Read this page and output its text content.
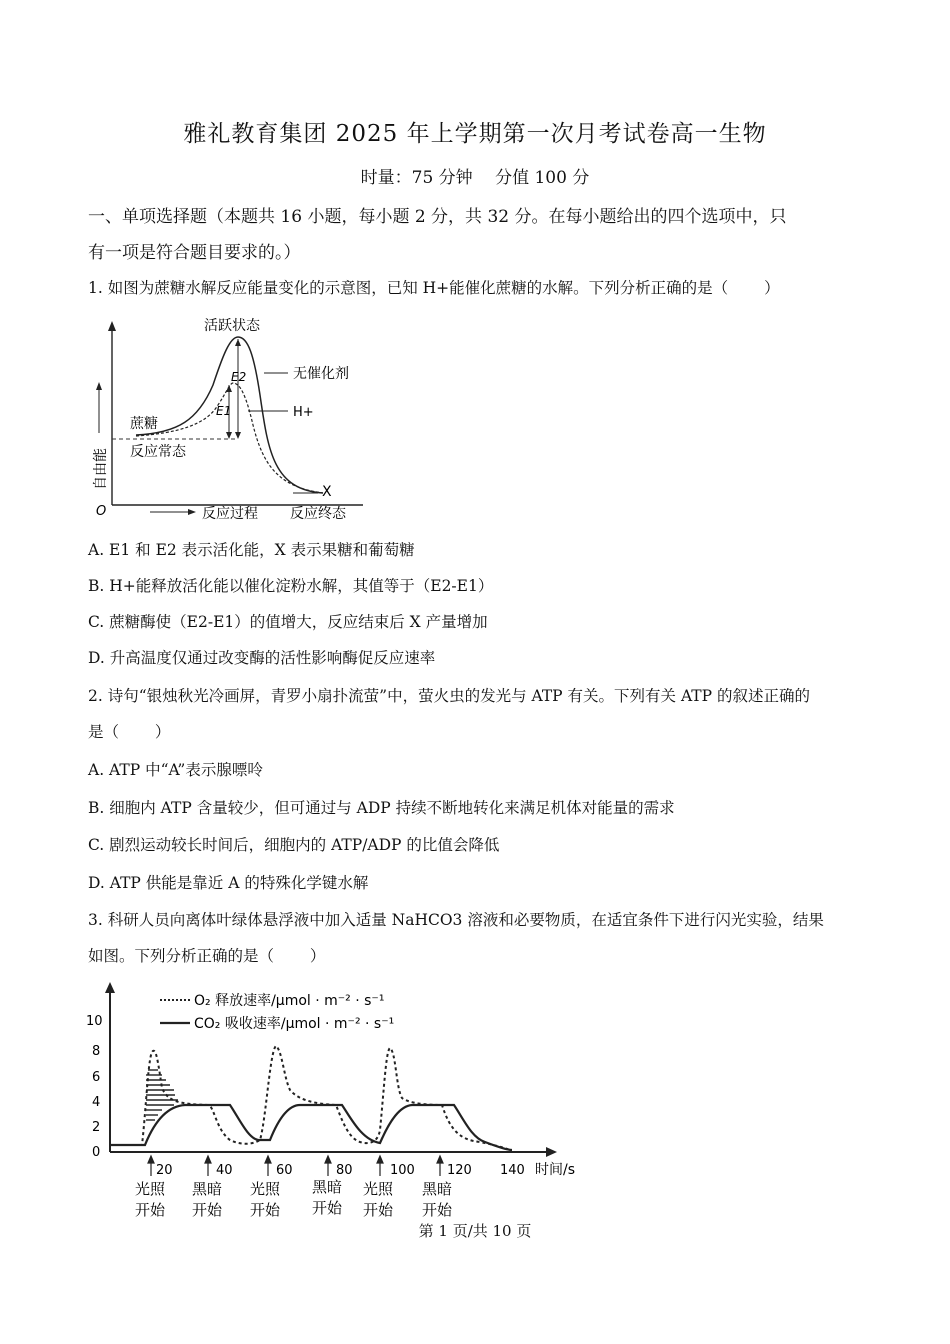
雅礼教育集团 2025 年上学期第一次月考试卷高一生物
时量：75 分钟　 分值 100 分
一、单项选择题（本题共 16 小题，每小题 2 分，共 32 分。在每小题给出的四个选项中，只
有一项是符合题目要求的。）
1. 如图为蔗糖水解反应能量变化的示意图，已知 H+能催化蔗糖的水解。下列分析正确的是（　　 ）
活跃状态
无催化剂
E2
E1	H+
蔗糖
反应常态
自由能
O	反应过程 反应终态
X
A. E1 和 E2 表示活化能，X 表示果糖和葡萄糖
B. H+能释放活化能以催化淀粉水解，其值等于（E2-E1）
C. 蔗糖酶使（E2-E1）的值增大，反应结束后 X 产量增加
D. 升高温度仅通过改变酶的活性影响酶促反应速率
2. 诗句“银烛秋光冷画屏，青罗小扇扑流萤”中，萤火虫的发光与 ATP 有关。下列有关 ATP 的叙述正确的
是（　　 ）
A. ATP 中“A”表示腺嘌呤
B. 细胞内 ATP 含量较少，但可通过与 ADP 持续不断地转化来满足机体对能量的需求
C. 剧烈运动较长时间后，细胞内的 ATP/ADP 的比值会降低
D. ATP 供能是靠近 A 的特殊化学键水解
3. 科研人员向离体叶绿体悬浮液中加入适量 NaHCO3 溶液和必要物质，在适宜条件下进行闪光实验，结果
如图。下列分析正确的是（　　 ）
0
2
4
6
8
10
O₂ 释放速率/μmol · m⁻² · s⁻¹
CO₂ 吸收速率/μmol · m⁻² · s⁻¹
20	40	60	80	100 120 140 时间/s
光照
开始
黑暗
开始
光照
开始
黑暗
开始
光照
开始
黑暗
开始
第 1 页/共 10 页
